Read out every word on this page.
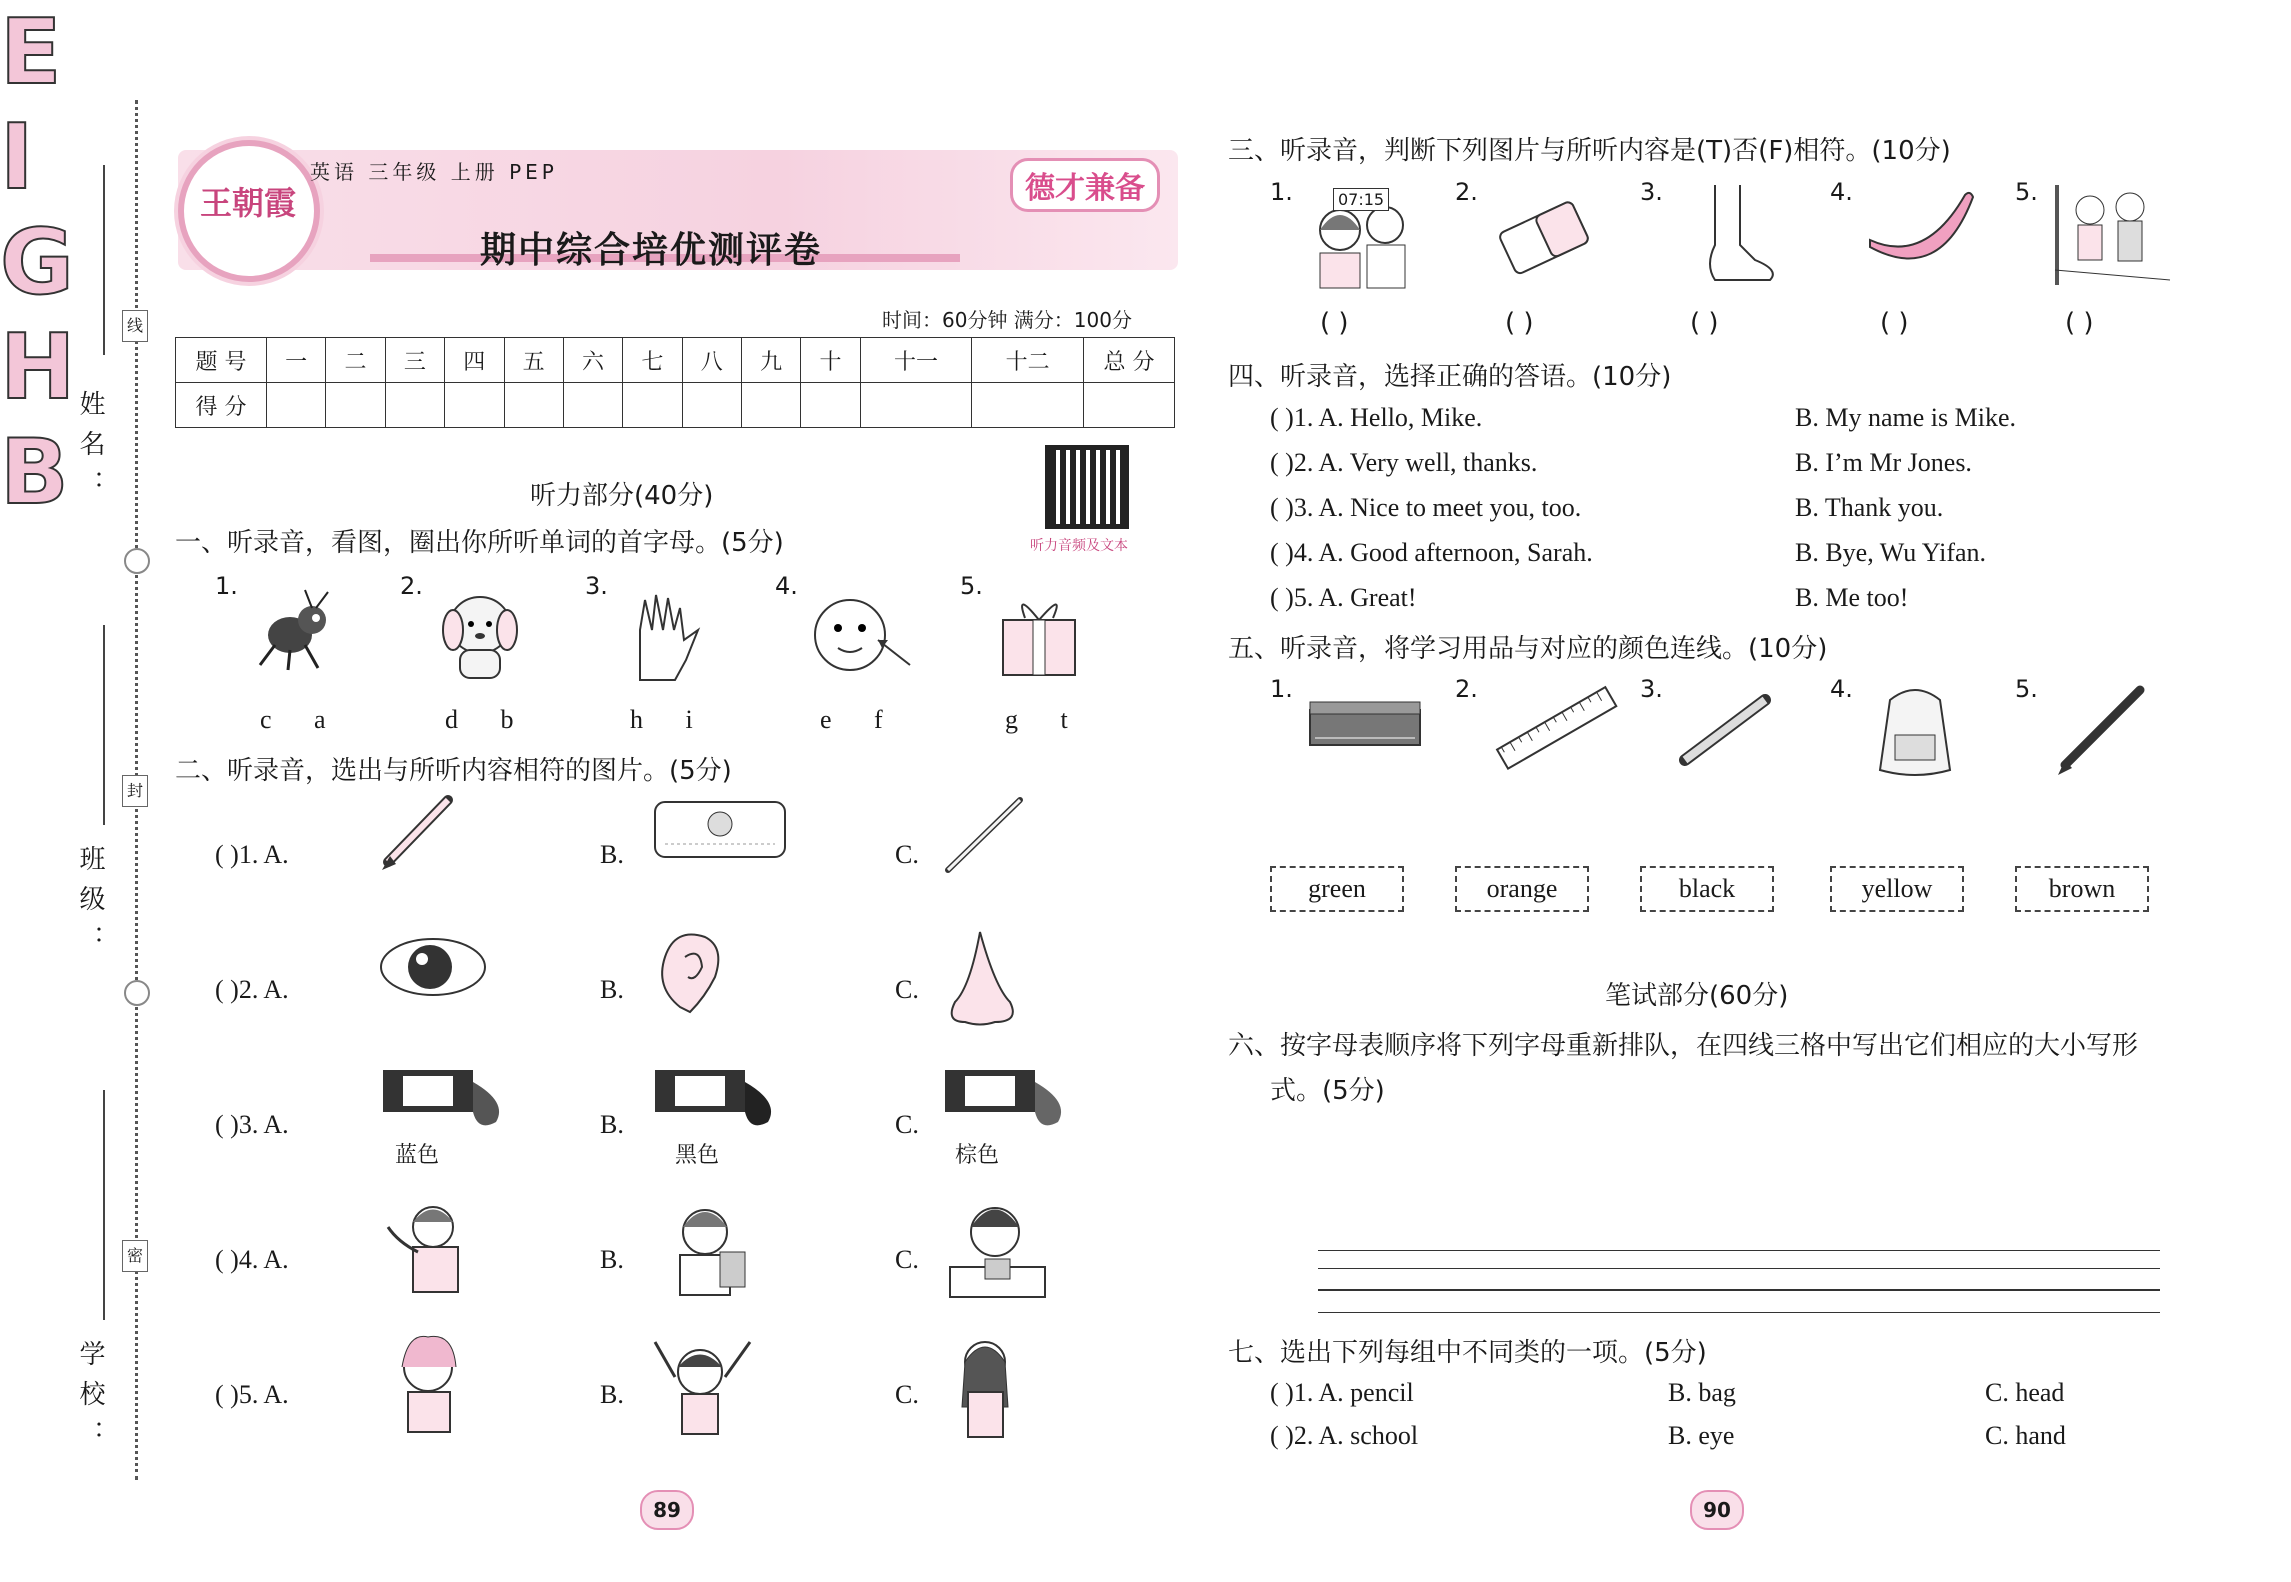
姓名：
班级：
学校：
线
封
密
王朝霞
英语 三年级 上册 PEP
期中综合培优测评卷
德才兼备
时间：60分钟 满分：100分
题 号	一	二	三	四	五	六	七	八	九	十	十一	十二	总 分
得 分													
听力部分(40分)
听力音频及文本
一、听录音，看图，圈出你所听单词的首字母。(5分)
二、听录音，选出与所听内容相符的图片。(5分)
三、听录音，判断下列图片与所听内容是(T)否(F)相符。(10分)
四、听录音，选择正确的答语。(10分)
五、听录音，将学习用品与对应的颜色连线。(10分)
笔试部分(60分)
六、按字母表顺序将下列字母重新排队，在四线三格中写出它们相应的大小写形
式。(5分)
七、选出下列每组中不同类的一项。(5分)
89	90
1.
c a
2.
d b
3.
h i
4.
e f
5.
g t
( )1. A.	B.	C.
( )2. A.	B.	C.
( )3. A.	B.	C.
蓝色	黑色	棕色
( )4. A.	B.	C.
( )5. A.	B.	C.
1.
( )
2.
( )
3.
( )
4.
( )
5.
( )
07:15
( )1. A. Hello, Mike.	B. My name is Mike.
( )2. A. Very well, thanks.	B. I’m Mr Jones.
( )3. A. Nice to meet you, too.	B. Thank you.
( )4. A. Good afternoon, Sarah.	B. Bye, Wu Yifan.
( )5. A. Great!	B. Me too!
1.
green
2.
orange
3.
black
4.
yellow
5.
brown
E
I
G
H
B
( )1. A. pencil	B. bag	C. head
( )2. A. school	B. eye	C. hand
